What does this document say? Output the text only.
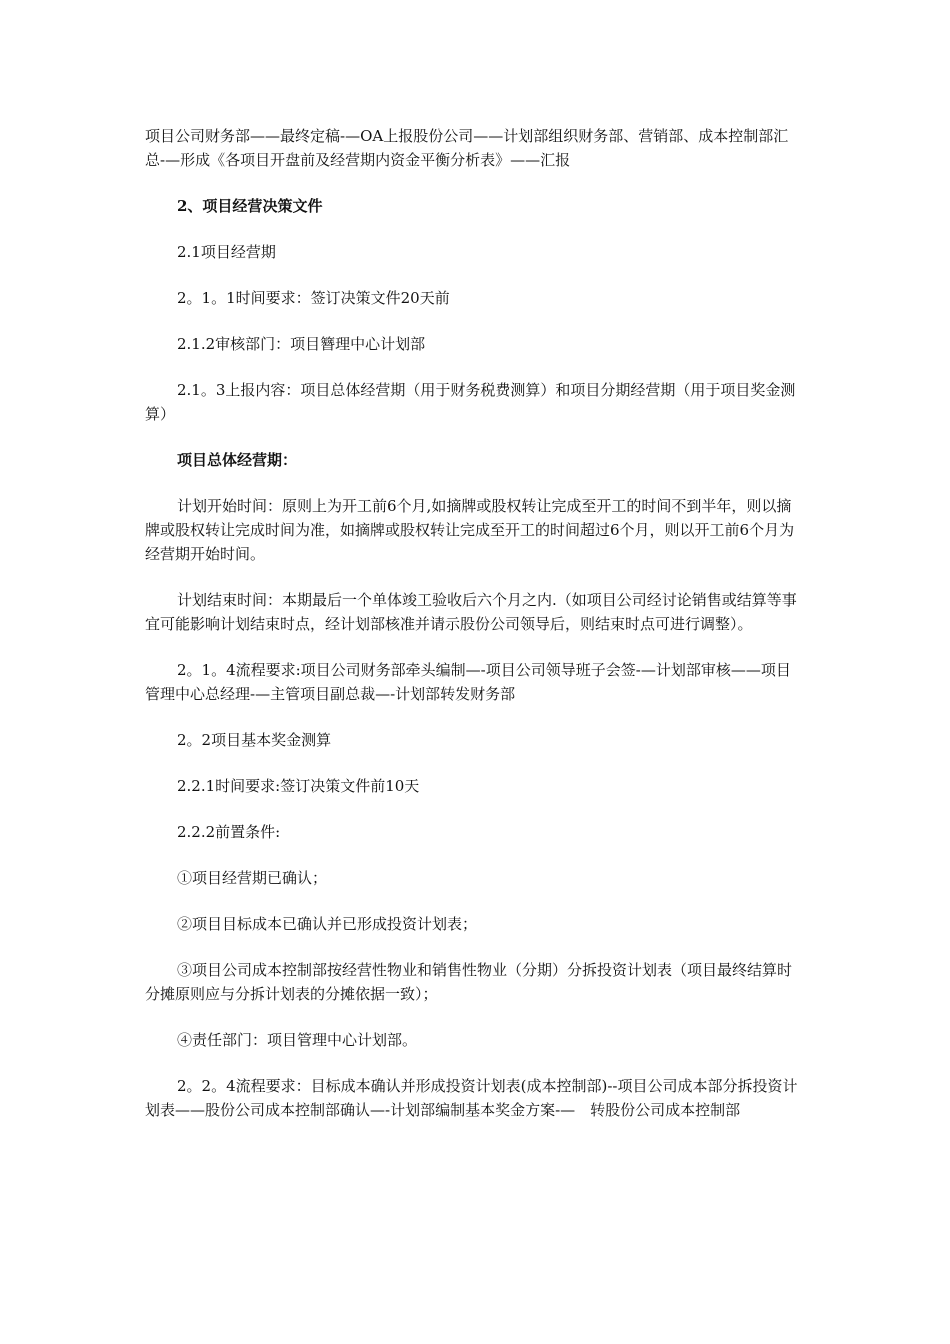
项目公司财务部——最终定稿-—OA上报股份公司——计划部组织财务部、营销部、成本控制部汇总-—形成《各项目开盘前及经营期内资金平衡分析表》——汇报

2、项目经营决策文件

2.1项目经营期

2。1。1时间要求：签订决策文件20天前

2.1.2审核部门：项目簪理中心计划部

2.1。3上报内容：项目总体经营期（用于财务税费测算）和项目分期经营期（用于项目奖金测算）

项目总体经营期：

计划开始时间：原则上为开工前6个月,如摘牌或股权转让完成至开工的时间不到半年，则以摘牌或股权转让完成时间为准，如摘牌或股权转让完成至开工的时间超过6个月，则以开工前6个月为经营期开始时间。

计划结束时间：本期最后一个单体竣工验收后六个月之内.（如项目公司经讨论销售或结算等事宜可能影响计划结束时点，经计划部核准并请示股份公司领导后，则结束时点可进行调整）。

2。1。4流程要求:项目公司财务部牵头编制—-项目公司领导班子会签-—计划部审核——项目管理中心总经理-—主管项目副总裁—-计划部转发财务部

2。2项目基本奖金测算

2.2.1时间要求:签订决策文件前10天

2.2.2前置条件:

①项目经营期已确认；

②项目目标成本已确认并已形成投资计划表；

③项目公司成本控制部按经营性物业和销售性物业（分期）分拆投资计划表（项目最终结算时分摊原则应与分拆计划表的分摊依据一致）；

④责任部门：项目管理中心计划部。

2。2。4流程要求：目标成本确认并形成投资计划表(成本控制部)--项目公司成本部分拆投资计划表——股份公司成本控制部确认—-计划部编制基本奖金方案-—　转股份公司成本控制部
